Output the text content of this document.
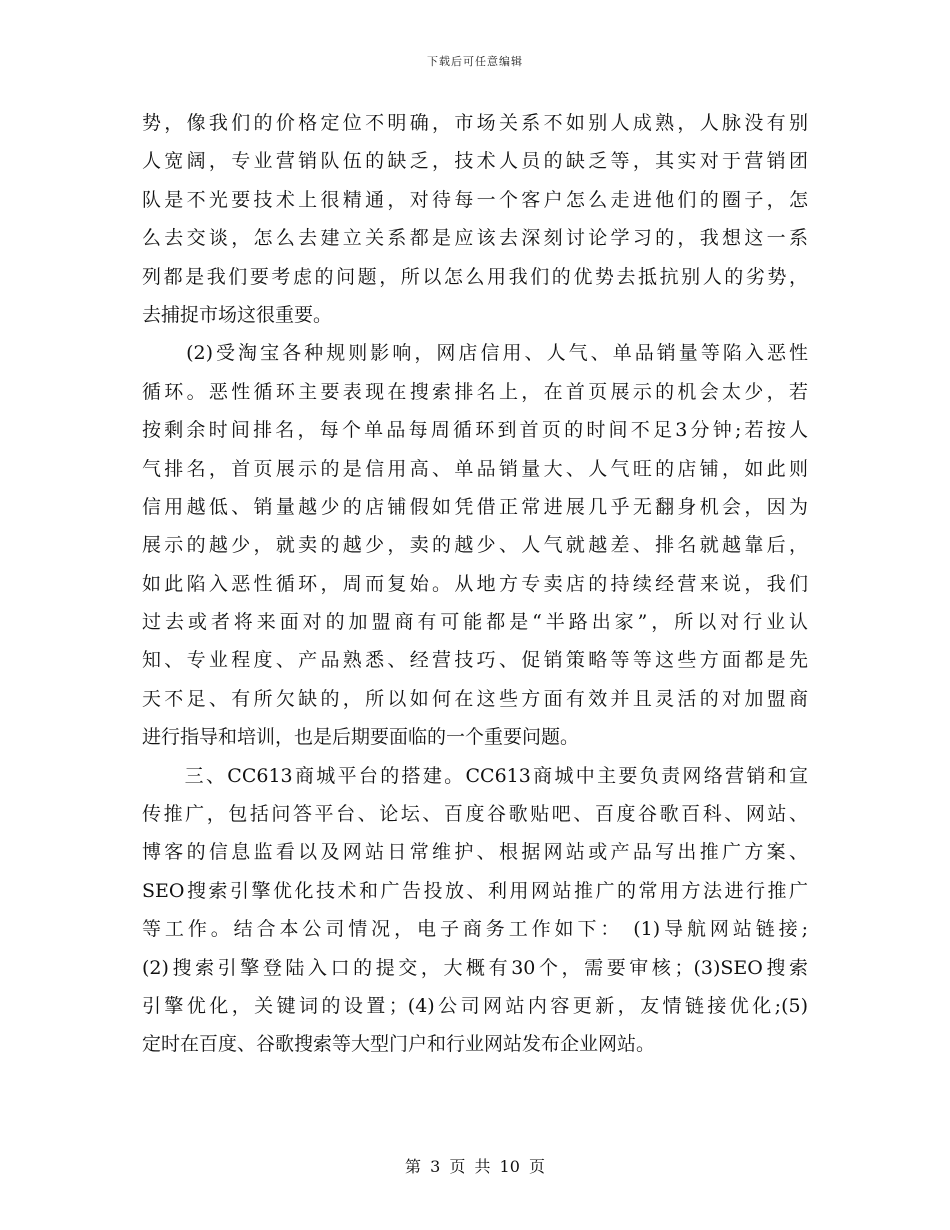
下载后可任意编辑
势，像我们的价格定位不明确，市场关系不如别人成熟，人脉没有别
人宽阔，专业营销队伍的缺乏，技术人员的缺乏等，其实对于营销团
队是不光要技术上很精通，对待每一个客户怎么走进他们的圈子，怎
么去交谈，怎么去建立关系都是应该去深刻讨论学习的，我想这一系
列都是我们要考虑的问题，所以怎么用我们的优势去抵抗别人的劣势，
去捕捉市场这很重要。
　　(2)受淘宝各种规则影响，网店信用、人气、单品销量等陷入恶性
循环。恶性循环主要表现在搜索排名上，在首页展示的机会太少，若
按剩余时间排名，每个单品每周循环到首页的时间不足3分钟;若按人
气排名，首页展示的是信用高、单品销量大、人气旺的店铺，如此则
信用越低、销量越少的店铺假如凭借正常进展几乎无翻身机会，因为
展示的越少，就卖的越少，卖的越少、人气就越差、排名就越靠后，
如此陷入恶性循环，周而复始。从地方专卖店的持续经营来说，我们
过去或者将来面对的加盟商有可能都是“半路出家”，所以对行业认
知、专业程度、产品熟悉、经营技巧、促销策略等等这些方面都是先
天不足、有所欠缺的，所以如何在这些方面有效并且灵活的对加盟商
进行指导和培训，也是后期要面临的一个重要问题。
　　三、CC613商城平台的搭建。CC613商城中主要负责网络营销和宣
传推广，包括问答平台、论坛、百度谷歌贴吧、百度谷歌百科、网站、
博客的信息监看以及网站日常维护、根据网站或产品写出推广方案、
SEO搜索引擎优化技术和广告投放、利用网站推广的常用方法进行推广
等工作。结合本公司情况，电子商务工作如下： (1)导航网站链接;
(2)搜索引擎登陆入口的提交，大概有30个，需要审核；(3)SEO搜索
引擎优化，关键词的设置；(4)公司网站内容更新，友情链接优化;(5)
定时在百度、谷歌搜索等大型门户和行业网站发布企业网站。
第 3 页 共 10 页
